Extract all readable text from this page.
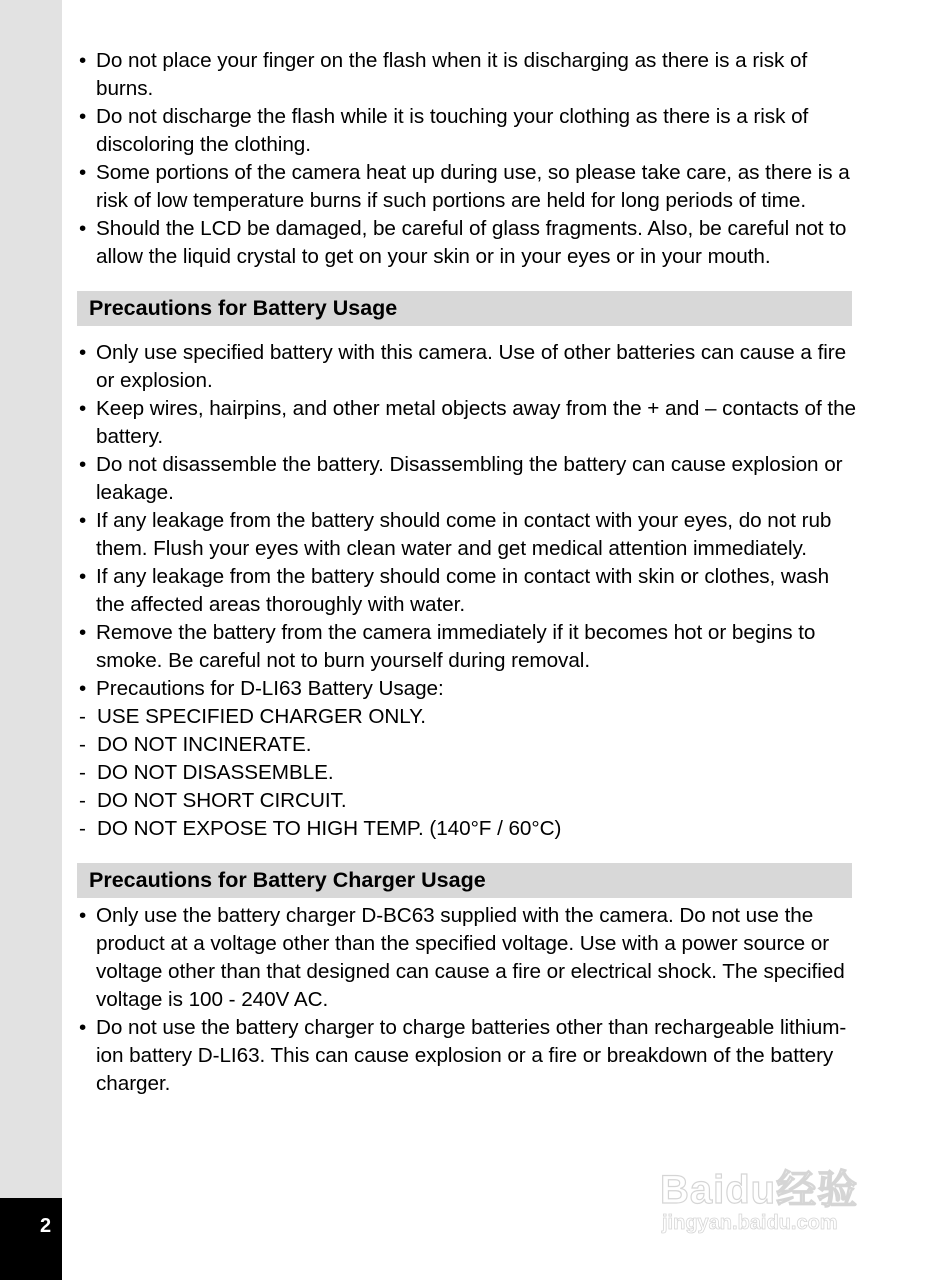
2
• Do not place your finger on the flash when it is discharging as there is a risk of burns.
• Do not discharge the flash while it is touching your clothing as there is a risk of discoloring the clothing.
• Some portions of the camera heat up during use, so please take care, as there is a risk of low temperature burns if such portions are held for long periods of time.
• Should the LCD be damaged, be careful of glass fragments. Also, be careful not to allow the liquid crystal to get on your skin or in your eyes or in your mouth.
Precautions for Battery Usage
• Only use specified battery with this camera. Use of other batteries can cause a fire or explosion.
• Keep wires, hairpins, and other metal objects away from the + and – contacts of the battery.
• Do not disassemble the battery. Disassembling the battery can cause explosion or leakage.
• If any leakage from the battery should come in contact with your eyes, do not rub them. Flush your eyes with clean water and get medical attention immediately.
• If any leakage from the battery should come in contact with skin or clothes, wash the affected areas thoroughly with water.
• Remove the battery from the camera immediately if it becomes hot or begins to smoke. Be careful not to burn yourself during removal.
• Precautions for D-LI63 Battery Usage:
- USE SPECIFIED CHARGER ONLY.
- DO NOT INCINERATE.
- DO NOT DISASSEMBLE.
- DO NOT SHORT CIRCUIT.
- DO NOT EXPOSE TO HIGH TEMP. (140°F / 60°C)
Precautions for Battery Charger Usage
• Only use the battery charger D-BC63 supplied with the camera. Do not use the product at a voltage other than the specified voltage. Use with a power source or voltage other than that designed can cause a fire or electrical shock. The specified voltage is 100 - 240V AC.
• Do not use the battery charger to charge batteries other than rechargeable lithium-ion battery D-LI63. This can cause explosion or a fire or breakdown of the battery charger.
Baidu经验
jingyan.baidu.com
